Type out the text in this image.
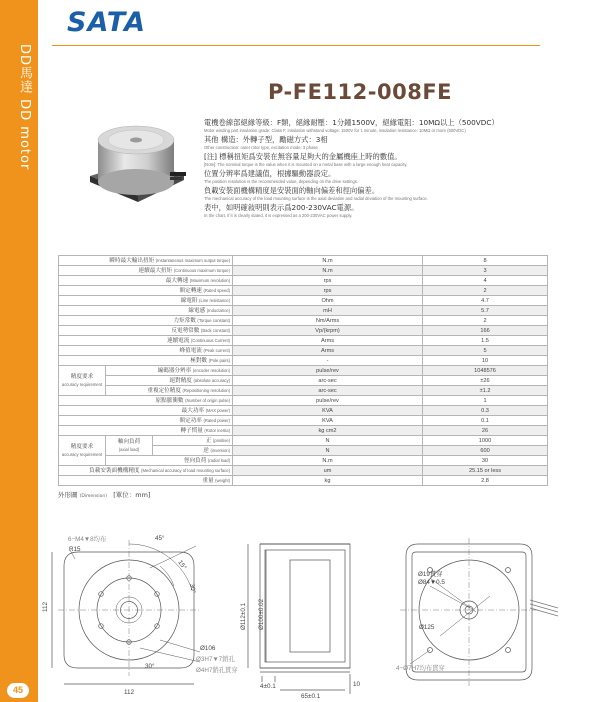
DD馬達 DD motor
45
SATA
P-FE112-008FE
電機卷線部絕緣等級：F類，絕緣耐壓：1分鐘1500V，絕緣電阻：10MΩ以上（500VDC）
Motor winding part insulation grade: Class F, insulation withstand voltage: 1500V for 1 minute, insulation resistance: 10MΩ or more (500VDC)
其他 構造：外轉子型，勵磁方式：3相
Other construction: outer rotor type, excitation mode: 3 phase
[注] 標稱扭矩爲安裝在無容量足夠大的金屬機座上時的數值。
[Note]: The nominal torque is the value when it is mounted on a metal base with a large enough heat capacity.
位置分辨率爲建議值，根據驅動器設定。
The position resolution is the recommended value, depending on the drive settings.
負載安裝面機構精度是安裝面的軸向偏差和徑向偏差。
The mechanical accuracy of the load mounting surface is the axial deviation and radial deviation of the mounting surface.
表中，如明確敍明則表示爲200-230VAC電源。
In the chart, if it is clearly stated, it is expressed as a 200-230VAC power supply.
瞬時最大輸出扭矩 (Instantaneous maximum output torque)			N.m	8
連續最大扭矩 (Continuous maximum torque)			N.m	3
最大轉速 (Maximum revolution)			rps	4
額定轉速 (Rated speed)			rps	2
線電阻 (Line resistance)			Ohm	4.7
線電感 (Inductance)			mH	5.7
力矩常數 (Torque constant)			Nm/Arms	2
反電勢常數 (Back constant)			Vp/(krpm)	166
連續電流 (Continuous Current)			Arms	1.5
峰值電流 (Peak current)			Arms	5
極對數 (Pole pairs)			-	10
精度要求
accuracy requirement	編碼器分辨率 (encoder resolution)		pulse/rev	1048576
	絕對精度 (absolute accuracy)		arc-sec	±26
	重複定位精度 (Repositioning resolution)		arc-sec	±1.2
原點脈衝數 (Number of origin pulse)			pulse/rev	1
最大功率 (MAX power)			KVA	0.3
額定功率 (Rated power)			KVA	0.1
轉子慣量 (Rotor inertia)			kg cm2	26
精度要求
accuracy requirement	軸向負荷
(axial load)	正 (positive)	N	1000
		逆 (inversion)	N	600
	徑向負荷 (radial load)		N.m	30
負載安裝面機構精度 (Mechanical accuracy of load mounting surface)			um	25.15 or less
重量 (weight)			kg	2.8
外形圖 (Dimension) [單位：mm]
6−M4▼8均布
R15
45°
15°
30°
Ø106
Ø3H7▼7銷孔
Ø4H7銷孔貫穿
30°
112
112
Ø112±0.1 Ø100±0.02
4±0.1
65±0.1
10
Ø19貫穿
Ø84▼0.5
Ø125
4−Ø7H7均布貫穿
